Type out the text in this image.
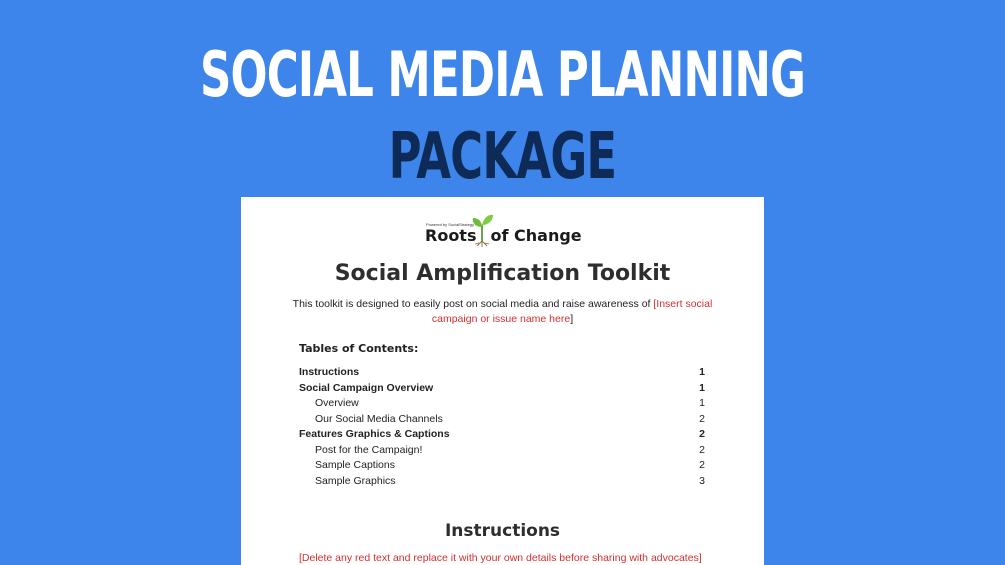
SOCIAL MEDIA PLANNING
PACKAGE
Powered by SocialStrategy
Roots of Change
Social Amplification Toolkit
This toolkit is designed to easily post on social media and raise awareness of [Insert social campaign or issue name here]
Tables of Contents:
Instructions	1
Social Campaign Overview	1
Overview	1
Our Social Media Channels	2
Features Graphics & Captions	2
Post for the Campaign!	2
Sample Captions	2
Sample Graphics	3
Instructions
[Delete any red text and replace it with your own details before sharing with advocates]
